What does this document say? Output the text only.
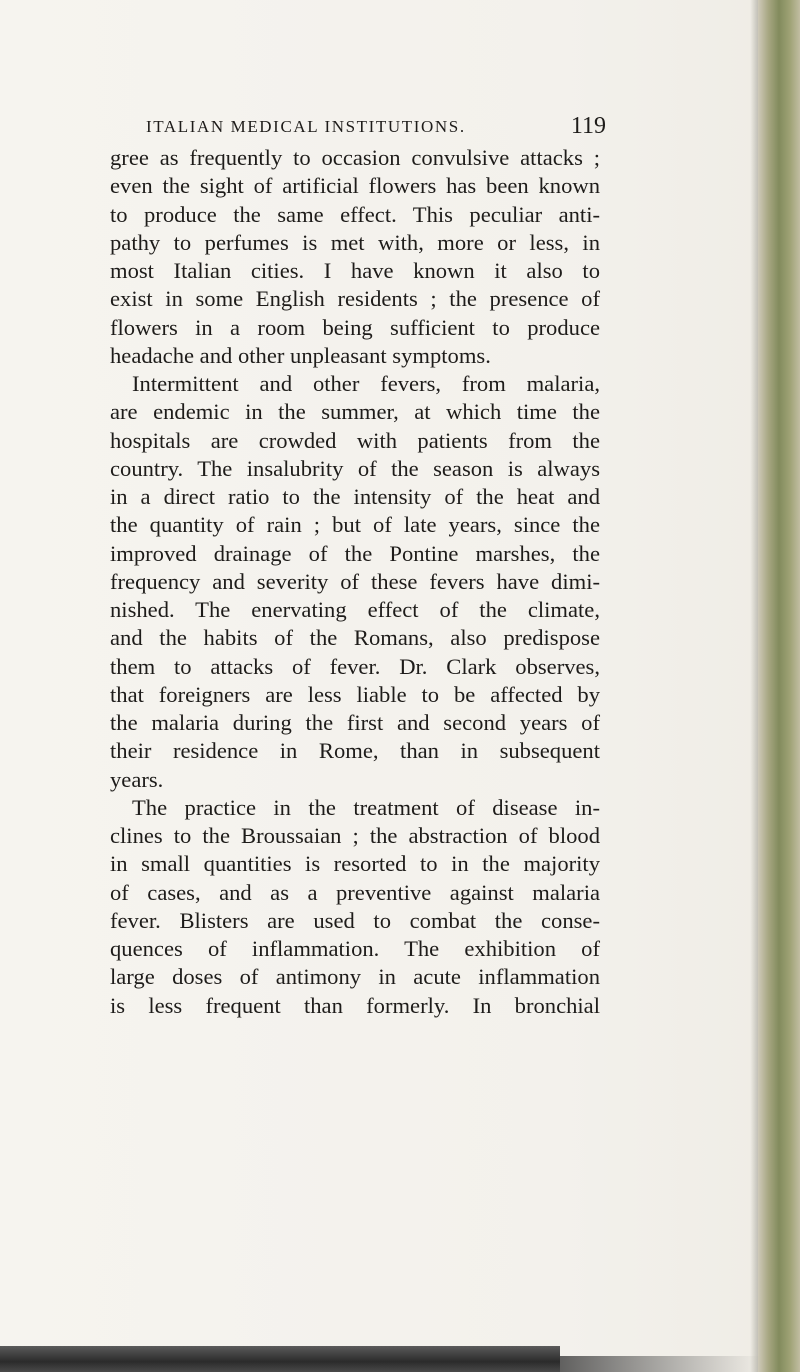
ITALIAN MEDICAL INSTITUTIONS.	119
gree as frequently to occasion convulsive attacks ;
even the sight of artificial flowers has been known
to produce the same effect. This peculiar anti-
pathy to perfumes is met with, more or less, in
most Italian cities. I have known it also to
exist in some English residents ; the presence of
flowers in a room being sufficient to produce
headache and other unpleasant symptoms.
Intermittent and other fevers, from malaria,
are endemic in the summer, at which time the
hospitals are crowded with patients from the
country. The insalubrity of the season is always
in a direct ratio to the intensity of the heat and
the quantity of rain ; but of late years, since the
improved drainage of the Pontine marshes, the
frequency and severity of these fevers have dimi-
nished. The enervating effect of the climate,
and the habits of the Romans, also predispose
them to attacks of fever. Dr. Clark observes,
that foreigners are less liable to be affected by
the malaria during the first and second years of
their residence in Rome, than in subsequent
years.
The practice in the treatment of disease in-
clines to the Broussaian ; the abstraction of blood
in small quantities is resorted to in the majority
of cases, and as a preventive against malaria
fever. Blisters are used to combat the conse-
quences of inflammation. The exhibition of
large doses of antimony in acute inflammation
is less frequent than formerly. In bronchial
